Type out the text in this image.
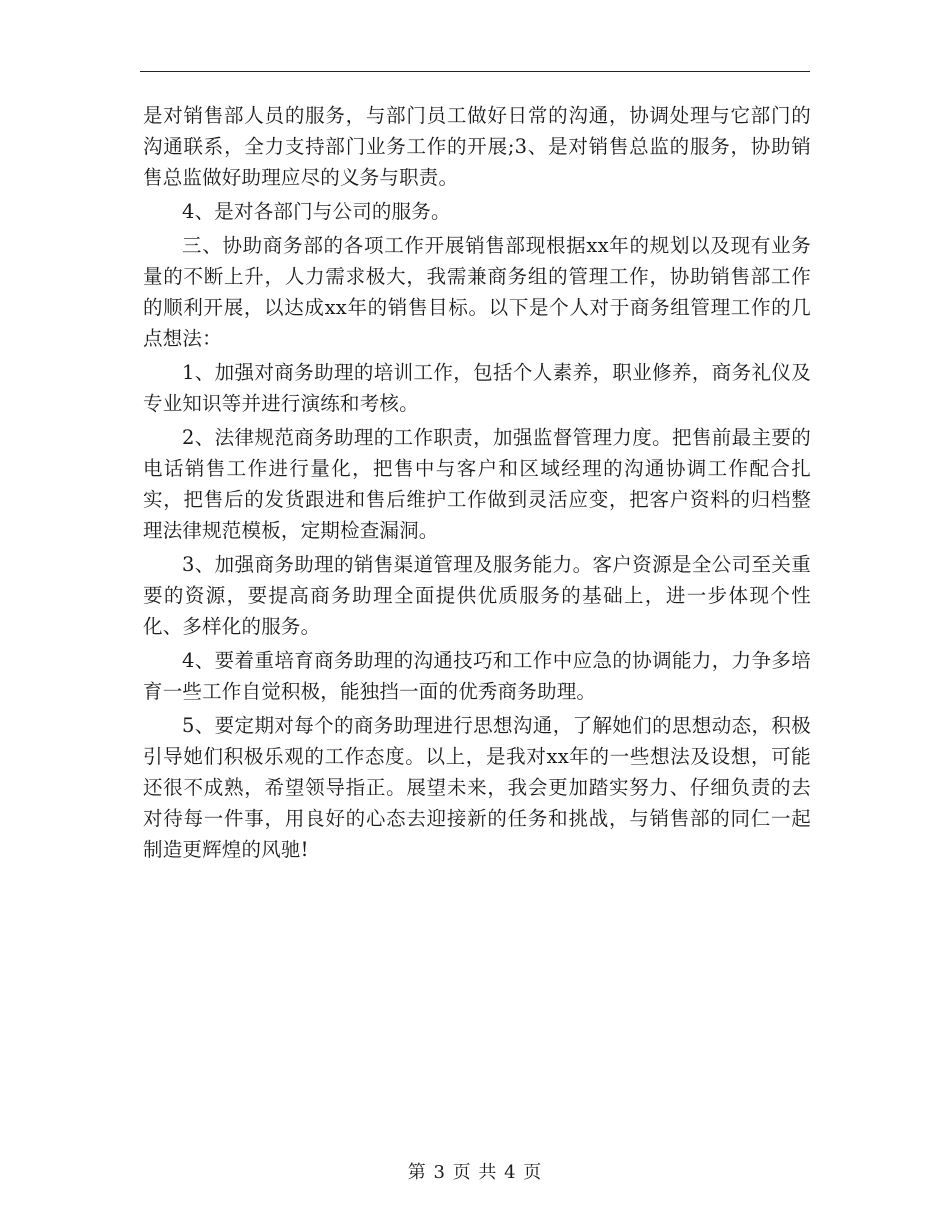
是对销售部人员的服务，与部门员工做好日常的沟通，协调处理与它部门的沟通联系，全力支持部门业务工作的开展;3、是对销售总监的服务，协助销售总监做好助理应尽的义务与职责。

4、是对各部门与公司的服务。

三、协助商务部的各项工作开展销售部现根据xx年的规划以及现有业务量的不断上升，人力需求极大，我需兼商务组的管理工作，协助销售部工作的顺利开展，以达成xx年的销售目标。以下是个人对于商务组管理工作的几点想法：

1、加强对商务助理的培训工作，包括个人素养，职业修养，商务礼仪及专业知识等并进行演练和考核。

2、法律规范商务助理的工作职责，加强监督管理力度。把售前最主要的电话销售工作进行量化，把售中与客户和区域经理的沟通协调工作配合扎实，把售后的发货跟进和售后维护工作做到灵活应变，把客户资料的归档整理法律规范模板，定期检查漏洞。

3、加强商务助理的销售渠道管理及服务能力。客户资源是全公司至关重要的资源，要提高商务助理全面提供优质服务的基础上，进一步体现个性化、多样化的服务。

4、要着重培育商务助理的沟通技巧和工作中应急的协调能力，力争多培育一些工作自觉积极，能独挡一面的优秀商务助理。

5、要定期对每个的商务助理进行思想沟通，了解她们的思想动态，积极引导她们积极乐观的工作态度。以上，是我对xx年的一些想法及设想，可能还很不成熟，希望领导指正。展望未来，我会更加踏实努力、仔细负责的去对待每一件事，用良好的心态去迎接新的任务和挑战，与销售部的同仁一起制造更辉煌的风驰!

第 3 页 共 4 页
